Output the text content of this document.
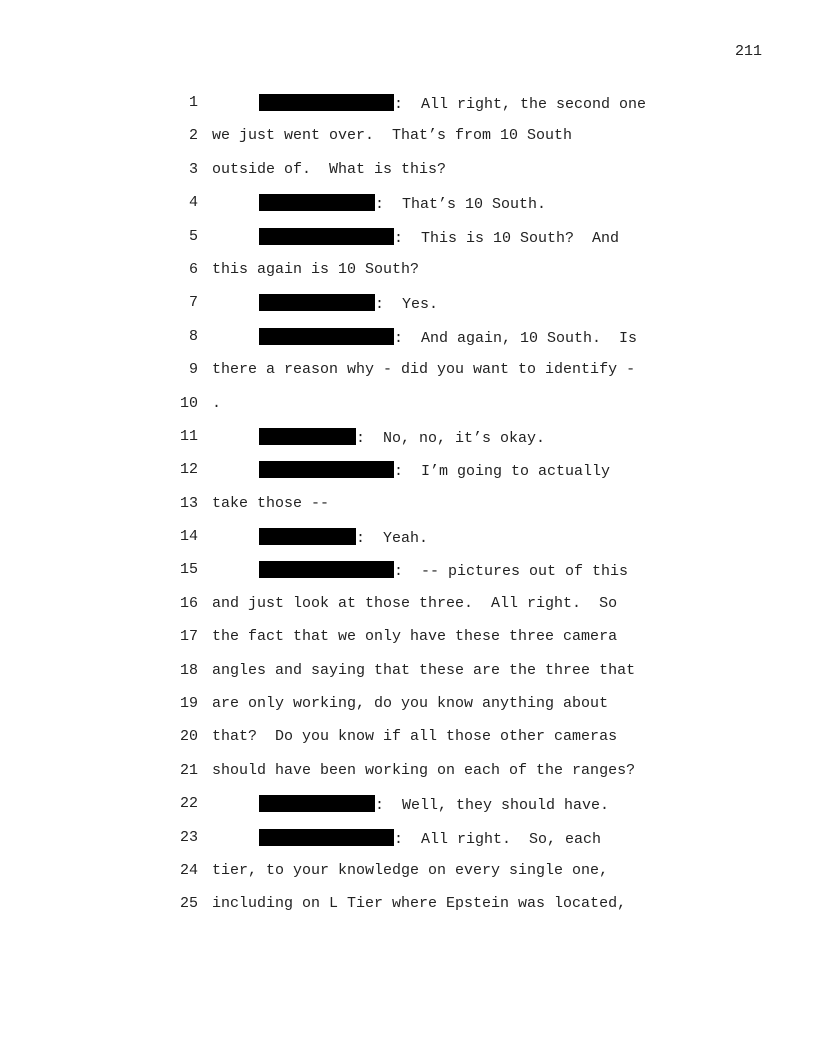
211
1	:  All right, the second one
2 we just went over.  That’s from 10 South
3 outside of.  What is this?
4	:  That’s 10 South.
5	:  This is 10 South?  And
6 this again is 10 South?
7	:  Yes.
8	:  And again, 10 South.  Is
9 there a reason why - did you want to identify -
10 .
11	:  No, no, it’s okay.
12	:  I’m going to actually
13 take those --
14	:  Yeah.
15	:  -- pictures out of this
16 and just look at those three.  All right.  So
17 the fact that we only have these three camera
18 angles and saying that these are the three that
19 are only working, do you know anything about
20 that?  Do you know if all those other cameras
21 should have been working on each of the ranges?
22	:  Well, they should have.
23	:  All right.  So, each
24 tier, to your knowledge on every single one,
25 including on L Tier where Epstein was located,
